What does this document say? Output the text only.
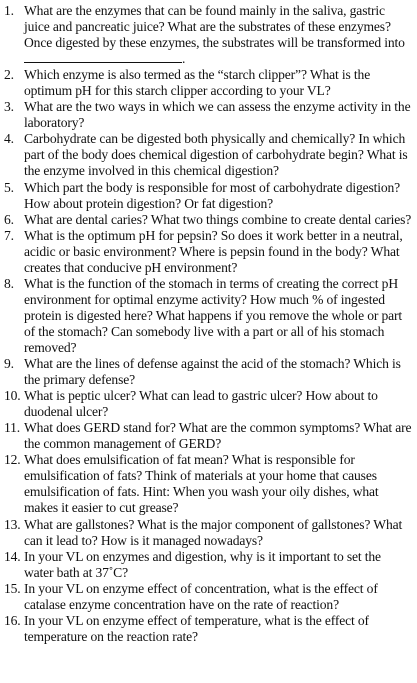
1. What are the enzymes that can be found mainly in the saliva, gastric juice and pancreatic juice? What are the substrates of these enzymes? Once digested by these enzymes, the substrates will be transformed into.
2. Which enzyme is also termed as the “starch clipper”? What is the optimum pH for this starch clipper according to your VL?
3. What are the two ways in which we can assess the enzyme activity in the laboratory?
4. Carbohydrate can be digested both physically and chemically? In which part of the body does chemical digestion of carbohydrate begin? What is the enzyme involved in this chemical digestion?
5. Which part the body is responsible for most of carbohydrate digestion? How about protein digestion? Or fat digestion?
6. What are dental caries? What two things combine to create dental caries?
7. What is the optimum pH for pepsin? So does it work better in a neutral, acidic or basic environment? Where is pepsin found in the body? What creates that conducive pH environment?
8. What is the function of the stomach in terms of creating the correct pH environment for optimal enzyme activity? How much % of ingested protein is digested here? What happens if you remove the whole or part of the stomach? Can somebody live with a part or all of his stomach removed?
9. What are the lines of defense against the acid of the stomach? Which is the primary defense?
10. What is peptic ulcer? What can lead to gastric ulcer? How about to duodenal ulcer?
11. What does GERD stand for? What are the common symptoms? What are the common management of GERD?
12. What does emulsification of fat mean? What is responsible for emulsification of fats? Think of materials at your home that causes emulsification of fats. Hint: When you wash your oily dishes, what makes it easier to cut grease?
13. What are gallstones? What is the major component of gallstones? What can it lead to? How is it managed nowadays?
14. In your VL on enzymes and digestion, why is it important to set the water bath at 37˚C?
15. In your VL on enzyme effect of concentration, what is the effect of catalase enzyme concentration have on the rate of reaction?
16. In your VL on enzyme effect of temperature, what is the effect of temperature on the reaction rate?
